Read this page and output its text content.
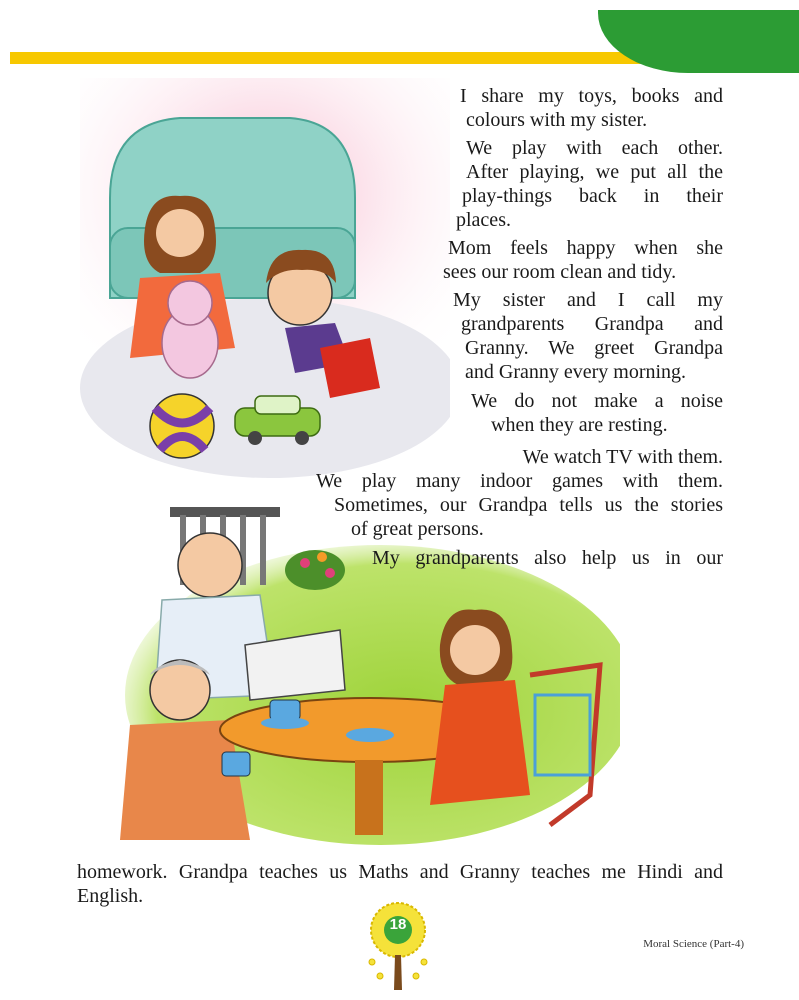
I share my toys, books and

colours with my sister.

We play with each other.

After playing, we put all the

play-things back in their

places.

Mom feels happy when she

sees our room clean and tidy.

My sister and I call my

grandparents Grandpa and

Granny. We greet Grandpa

and Granny every morning.

We do not make a noise

when they are resting.

We watch TV with them.

We play many indoor games with them.

Sometimes, our Grandpa tells us the stories

of great persons.

My grandparents also help us in our

homework. Grandpa teaches us Maths and Granny teaches me Hindi and

English.

18
Moral Science (Part-4)
